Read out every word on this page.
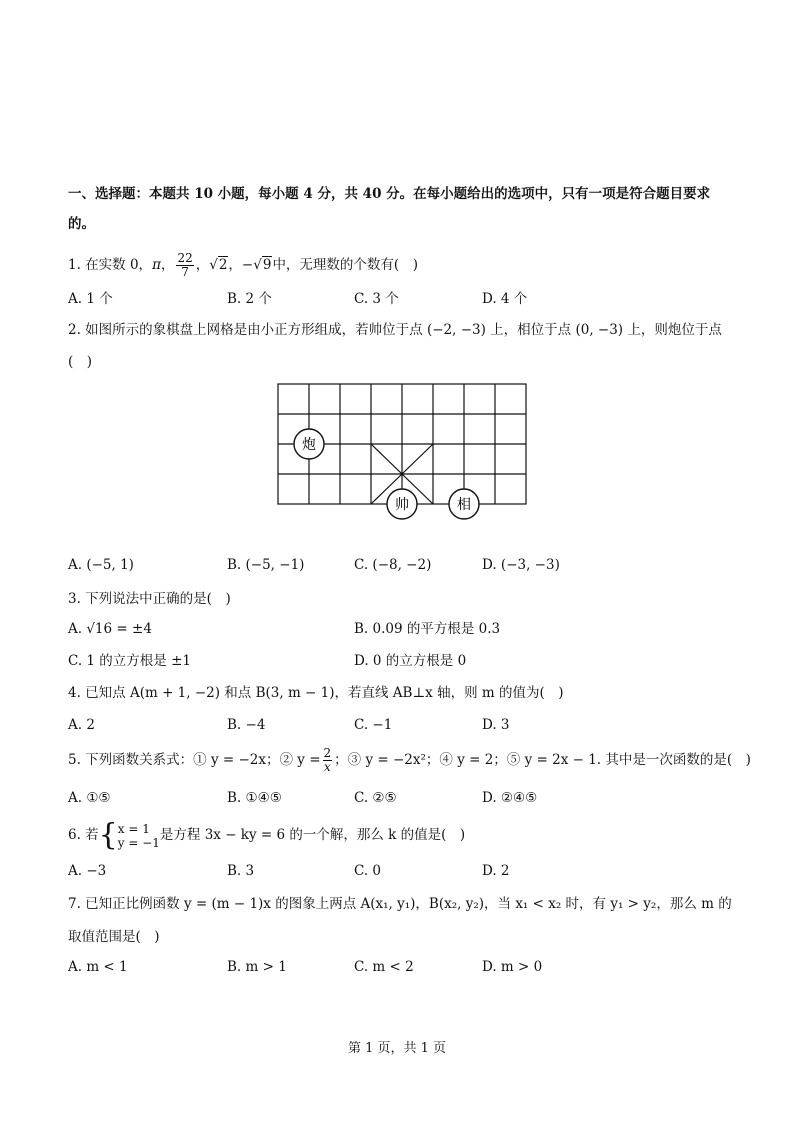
一、选择题：本题共 10 小题，每小题 4 分，共 40 分。在每小题给出的选项中，只有一项是符合题目要求
的。
1. 在实数 0，π， $\frac{22}{7}$ ，√2，−√9中，无理数的个数有(　)
A. 1 个	B. 2 个	C. 3 个	D. 4 个
2. 如图所示的象棋盘上网格是由小正方形组成，若帅位于点 (−2, −3) 上，相位于点 (0, −3) 上，则炮位于点
(　)
炮
帅	相
A. (−5, 1)	B. (−5, −1)	C. (−8, −2)	D. (−3, −3)
3. 下列说法中正确的是(　)
A. √16 = ±4	B. 0.09 的平方根是 0.3
C. 1 的立方根是 ±1	D. 0 的立方根是 0
4. 已知点 A(m + 1, −2) 和点 B(3, m − 1)，若直线 AB⊥x 轴，则 m 的值为(　)
A. 2	B. −4	C. −1	D. 3
5. 下列函数关系式：① y = −2x；② $y = \frac{2}{x}$ ；③ y = −2x²；④ y = 2；⑤ y = 2x − 1. 其中是一次函数的是(　)
A. ①⑤	B. ①④⑤	C. ②⑤	D. ②④⑤
6. 若{ x = 1
y = −1 是方程 3x − ky = 6 的一个解，那么 k 的值是(　)
A. −3	B. 3	C. 0	D. 2
7. 已知正比例函数 y = (m − 1)x 的图象上两点 A(x₁, y₁)，B(x₂, y₂)，当 x₁ < x₂ 时，有 y₁ > y₂，那么 m 的
取值范围是(　)
A. m < 1	B. m > 1	C. m < 2	D. m > 0
第 1 页，共 1 页
